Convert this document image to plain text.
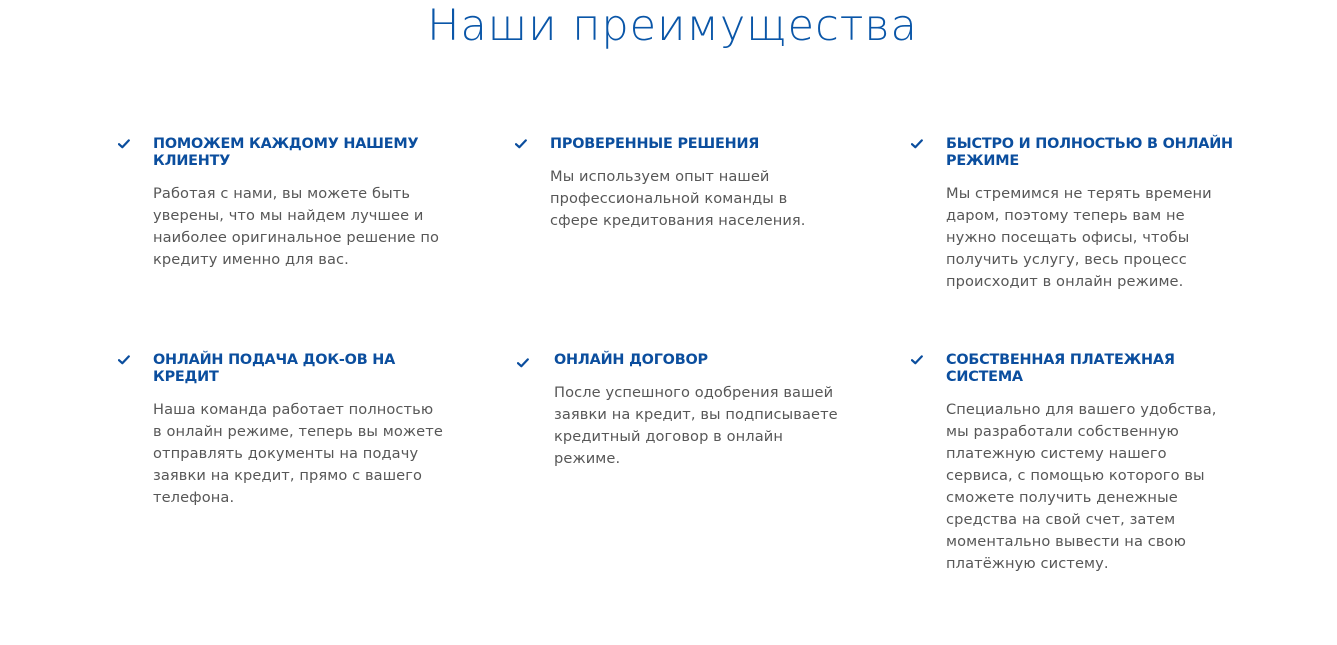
Наши преимущества
ПОМОЖЕМ КАЖДОМУ НАШЕМУ КЛИЕНТУ

Работая с нами, вы можете быть уверены, что мы найдем лучшее и наиболее оригинальное решение по кредиту именно для вас.

ПРОВЕРЕННЫЕ РЕШЕНИЯ

Мы используем опыт нашей профессиональной команды в сфере кредитования населения.

БЫСТРО И ПОЛНОСТЬЮ В ОНЛАЙН РЕЖИМЕ

Мы стремимся не терять времени даром, поэтому теперь вам не нужно посещать офисы, чтобы получить услугу, весь процесс происходит в онлайн режиме.

ОНЛАЙН ПОДАЧА ДОК-ОВ НА КРЕДИТ

Наша команда работает полностью в онлайн режиме, теперь вы можете отправлять документы на подачу заявки на кредит, прямо с вашего телефона.

ОНЛАЙН ДОГОВОР

После успешного одобрения вашей заявки на кредит, вы подписываете кредитный договор в онлайн режиме.

СОБСТВЕННАЯ ПЛАТЕЖНАЯ СИСТЕМА

Специально для вашего удобства, мы разработали собственную платежную систему нашего сервиса, с помощью которого вы сможете получить денежные средства на свой счет, затем моментально вывести на свою платёжную систему.
